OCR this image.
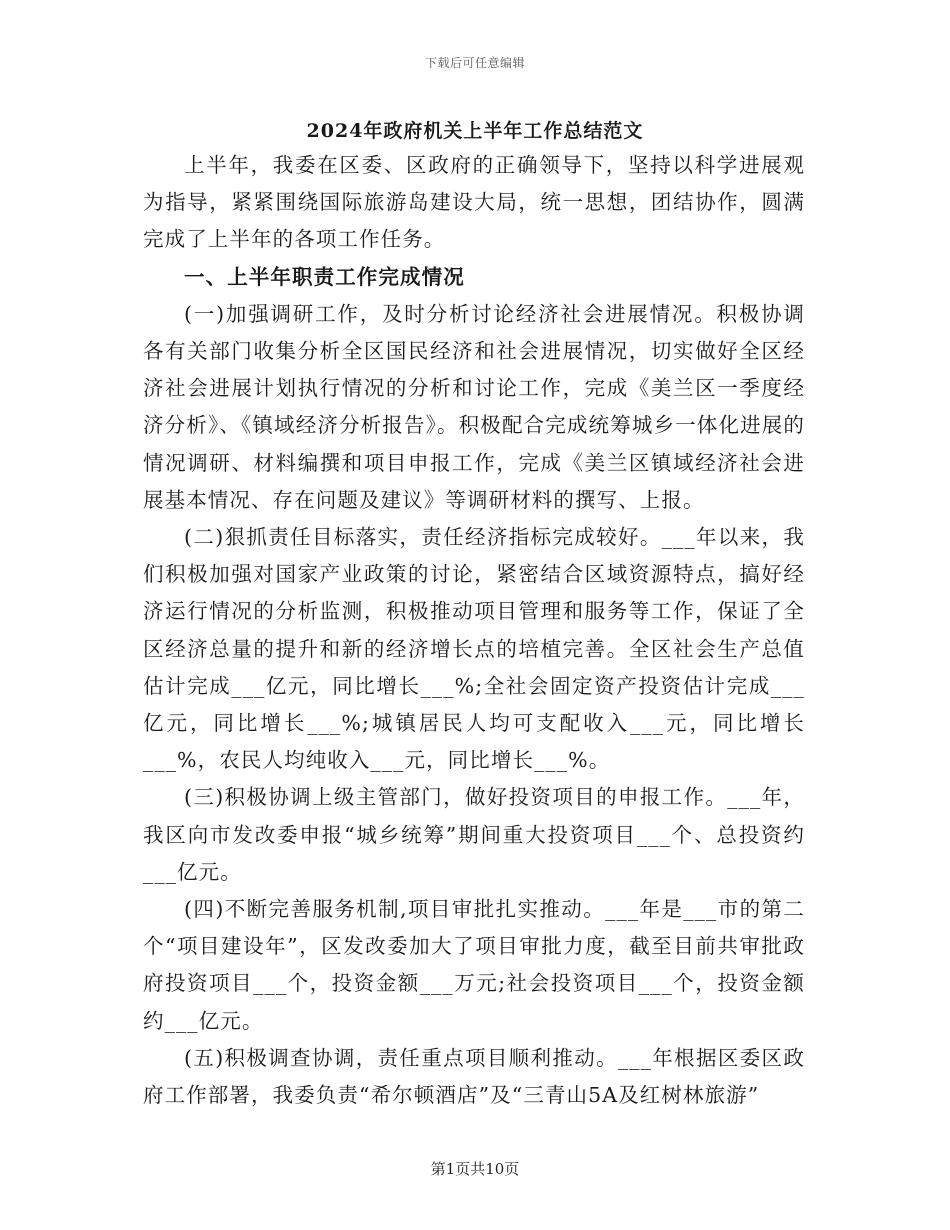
下载后可任意编辑
2024年政府机关上半年工作总结范文

上半年，我委在区委、区政府的正确领导下，坚持以科学进展观为指导，紧紧围绕国际旅游岛建设大局，统一思想，团结协作，圆满完成了上半年的各项工作任务。

一、上半年职责工作完成情况

(一)加强调研工作，及时分析讨论经济社会进展情况。积极协调各有关部门收集分析全区国民经济和社会进展情况，切实做好全区经济社会进展计划执行情况的分析和讨论工作，完成《美兰区一季度经济分析》、《镇域经济分析报告》。积极配合完成统筹城乡一体化进展的情况调研、材料编撰和项目申报工作，完成《美兰区镇域经济社会进展基本情况、存在问题及建议》等调研材料的撰写、上报。

(二)狠抓责任目标落实，责任经济指标完成较好。___年以来，我们积极加强对国家产业政策的讨论，紧密结合区域资源特点，搞好经济运行情况的分析监测，积极推动项目管理和服务等工作，保证了全区经济总量的提升和新的经济增长点的培植完善。全区社会生产总值估计完成___亿元，同比增长___%;全社会固定资产投资估计完成___亿元，同比增长___%;城镇居民人均可支配收入___元，同比增长___%，农民人均纯收入___元，同比增长___%。

(三)积极协调上级主管部门，做好投资项目的申报工作。___年，我区向市发改委申报“城乡统筹”期间重大投资项目___个、总投资约___亿元。

(四)不断完善服务机制,项目审批扎实推动。___年是___市的第二个“项目建设年”，区发改委加大了项目审批力度，截至目前共审批政府投资项目___个，投资金额___万元;社会投资项目___个，投资金额约___亿元。

(五)积极调查协调，责任重点项目顺利推动。___年根据区委区政府工作部署，我委负责“希尔顿酒店”及“三青山5A及红树林旅游”

第1页共10页
